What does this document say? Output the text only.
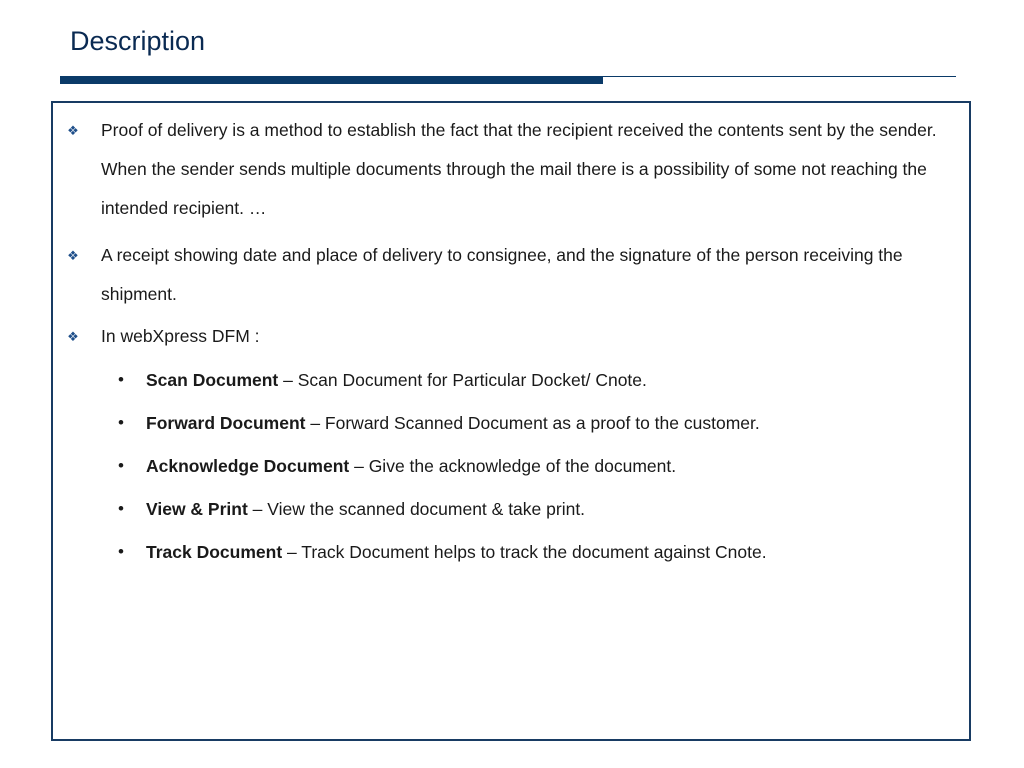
Description
❖ Proof of delivery is a method to establish the fact that the recipient received the contents sent by the sender. When the sender sends multiple documents through the mail there is a possibility of some not reaching the intended recipient. …
❖ A receipt showing date and place of delivery to consignee, and the signature of the person receiving the shipment.
❖ In webXpress DFM :
• Scan Document – Scan Document for Particular Docket/ Cnote.
• Forward Document – Forward Scanned Document as a proof to the customer.
• Acknowledge Document – Give the acknowledge of the document.
• View & Print – View the scanned document & take print.
• Track Document – Track Document helps to track the document against Cnote.
